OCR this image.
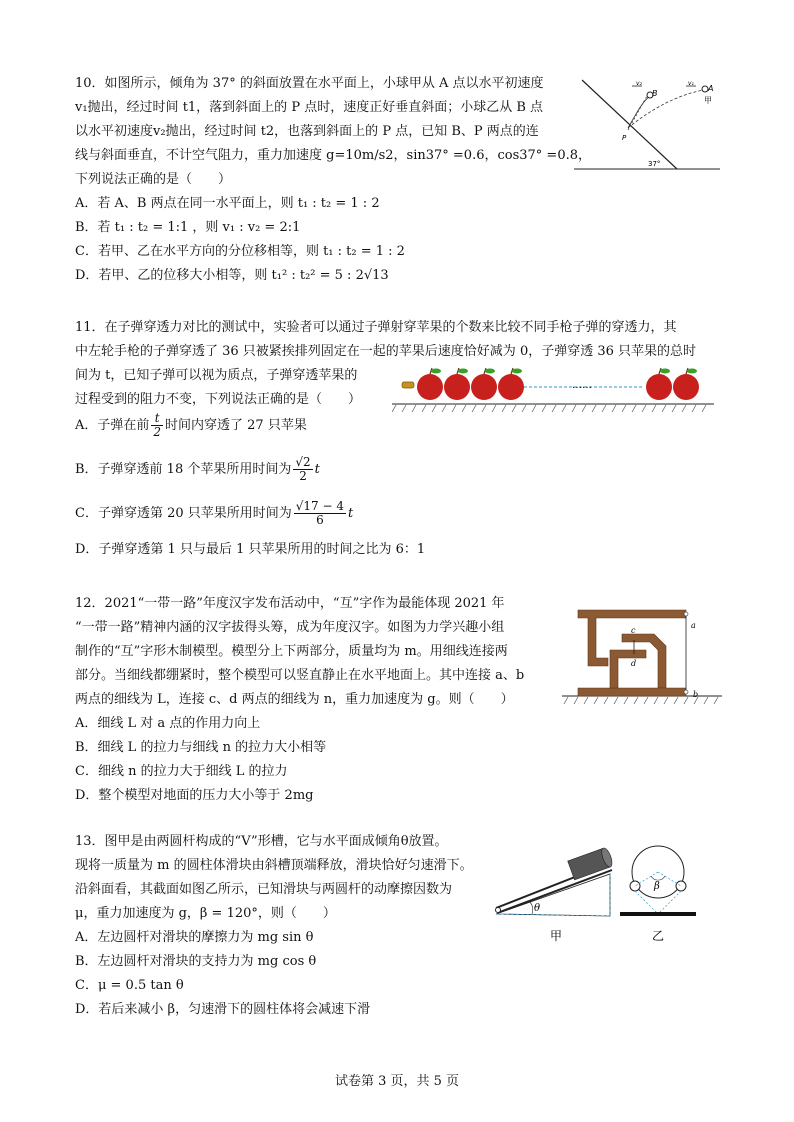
10．如图所示，倾角为 37° 的斜面放置在水平面上，小球甲从 A 点以水平初速度
v₁抛出，经过时间 t1，落到斜面上的 P 点时，速度正好垂直斜面；小球乙从 B 点
以水平初速度v₂抛出，经过时间 t2，也落到斜面上的 P 点，已知 B、P 两点的连
线与斜面垂直，不计空气阻力，重力加速度 g=10m/s2，sin37° =0.6，cos37° =0.8，
下列说法正确的是（　　）
A．若 A、B 两点在同一水平面上，则 t₁ : t₂ = 1 : 2
B．若 t₁ : t₂ = 1:1 ，则 v₁ : v₂ = 2:1
C．若甲、乙在水平方向的分位移相等，则 t₁ : t₂ = 1 : 2
D．若甲、乙的位移大小相等，则 t₁² : t₂² = 5 : 2√13
B
A
v₂	v₁
甲
P
37°
11．在子弹穿透力对比的测试中，实验者可以通过子弹射穿苹果的个数来比较不同手枪子弹的穿透力，其
中左轮手枪的子弹穿透了 36 只被紧挨排列固定在一起的苹果后速度恰好减为 0，子弹穿透 36 只苹果的总时
间为 t，已知子弹可以视为质点，子弹穿透苹果的
过程受到的阻力不变，下列说法正确的是（　　）
A．子弹在前 $\frac{t}{2}$ 时间内穿透了 27 只苹果
B．子弹穿透前 18 个苹果所用时间为 $\frac{√2}{2}$ t
C．子弹穿透第 20 只苹果所用时间为 $\frac{√17 - 4}{6}$ t
D．子弹穿透第 1 只与最后 1 只苹果所用的时间之比为 6：1
……
12．2021“一带一路”年度汉字发布活动中，“互”字作为最能体现 2021 年
“一带一路”精神内涵的汉字拔得头筹，成为年度汉字。如图为力学兴趣小组
制作的“互”字形木制模型。模型分上下两部分，质量均为 m。用细线连接两
部分。当细线都绷紧时，整个模型可以竖直静止在水平地面上。其中连接 a、b
两点的细线为 L，连接 c、d 两点的细线为 n，重力加速度为 g。则（　　）
A．细线 L 对 a 点的作用力向上
B．细线 L 的拉力与细线 n 的拉力大小相等
C．细线 n 的拉力大于细线 L 的拉力
D．整个模型对地面的压力大小等于 2mg
a
b
c
d
13．图甲是由两圆杆构成的“V”形槽，它与水平面成倾角θ放置。
现将一质量为 m 的圆柱体滑块由斜槽顶端释放，滑块恰好匀速滑下。
沿斜面看，其截面如图乙所示，已知滑块与两圆杆的动摩擦因数为
μ，重力加速度为 g，β = 120°，则（　　）
A．左边圆杆对滑块的摩擦力为 mg sin θ
B．左边圆杆对滑块的支持力为 mg cos θ
C．μ = 0.5 tan θ
D．若后来减小 β，匀速滑下的圆柱体将会减速下滑
θ
甲
β
乙
试卷第 3 页，共 5 页
